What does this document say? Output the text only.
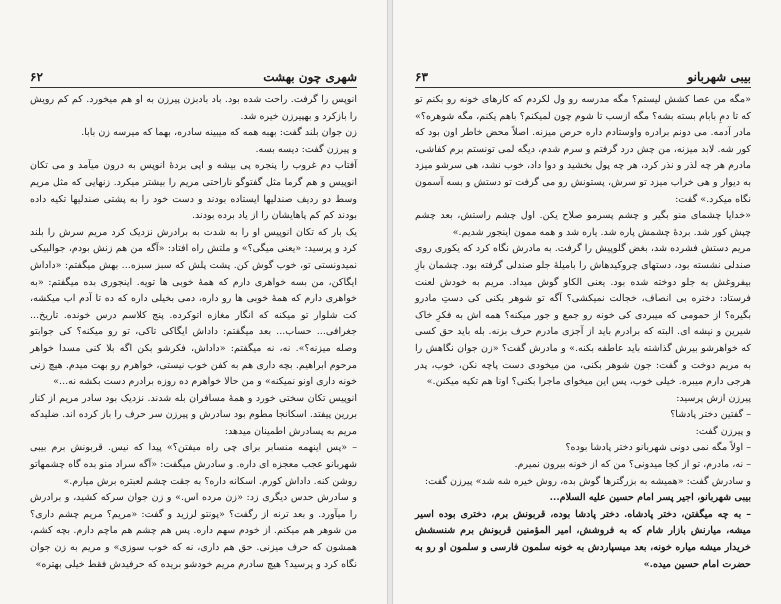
شهری چون بهشت
۶۲

انوپس را گرفت. راحت شده بود. باد بادبزن پیرزن به او هم میخورد. کم کم رویش را بازکرد و بهپیرزن خیره شد.

زن جوان بلند گفت: بهبه همه که میبینه سادره، بهما که میرسه زن بابا.

و پیرزن گفت: دیسه بسه.

آفتاب دم غروب را پنجره پی بیشه و اپی بردهٔ انوپس به درون میآمد و می تکان انوپیس و هم گرما مثل گفتوگو ناراحتی مریم را بیشتر میکرد. زنهایی که مثل مریم وسط دو ردیف صندلیها ایستاده بودند و دست خود را به پشتی صندلیها تکیه داده بودند کم کم پاهایشان را از یاد برده بودند.

یک بار که تکان انوپیس او را به شدت به برادرش نزدیک کرد مریم سرش را بلند کرد و پرسید: «یعنی میگی؟» و ملتش راه افتاد: «آگه من هم زنش بودم، جوالبیکی نمیدونستی تو، خوب گوش کن. پشت پلش که سبز سبزه... بهش میگفتم: «داداش ایگاکن، من بسه خواهری دارم که همهٔ خوبی ها تویه. اینجوری بده میگفتم: «به خواهری دارم که همهٔ خوبی ها رو داره، دمی بخیلی داره که ده تا آدم اب میکشه، کت شلوار تو میکنه که انگار مغازه اتوکرده. پنج کلاسم درس خونده. تاریخ... جغرافی... حساب... بعد میگفتم: داداش ایگاکی تاکی، تو رو میکنه؟ کی جوابتو وصله میزنه؟». نه، نه میگفتم: «داداش، فکرشو بکن اگه بلا کنی مسدا خواهر مرحوم ابراهیم. بچه داری هم به کفن خوب نیستی، خواهرم رو بهت میدم. هیچ زنی خونه داری اونو نمیکنه» و من حالا خواهرم ده روزه برادرم دست بکشه نه...»

انوپیس تکان سختی خورد و همهٔ مسافران بله شدند. نزدیک بود سادر مریم از کنار بررین پیفتد. اسکانجا مطوم بود سادرش و پیرزن سر حرف را باز کرده اند. ضلیدکه مریم به پسادرش اطمینان میدهد:

– «پس اینهمه منسابر برای چی راه میفتن؟» پیدا که نیس. قربونش برم بیبی شهربانو عجب معجزه ای داره. و سادرش میگفت: «آگه سراد منو بده گاه چشمهاتو روشن کنه. داداش کورم. اسکانه داره؟ به جقت چشم لعبتره برش میارم.»

و سادرش حدس دیگری زد: «زن مرده اس.» و زن جوان سرکه کشید، و برادرش را میآورد. و بعد ترنه از رگفت؟ «پونتو لرزید و گفت: «مریم؟ مریم چشم داری؟ من شوهر هم میکنم. از خودم سهم داره. پس هم چشم هم ماچم دارم. بچه کشم، همشون که حرف میزنی. حق هم داری، نه که خوب سوزی» و مریم به زن جوان نگاه کرد و پرسید؟ هیچ سادرم مریم خودشو بریده که حرفیدش فقط خیلی بهتره»

بیبی شهربانو
۶۳

«مگه من عصا کشش لیستم؟ مگه مدرسه رو ول لکردم که کارهای خونه رو بکنم تو که تا دمِ بابام بسته بشه؟ مگه ازسب تا شوم چون لمیکنم؟ باهم یکنم، مگه شوهره؟» مادر آدمه. می دونم برادره واوستادم داره حرص میزنه. اصلاً محض خاطر اون بود که کور شه. لابد میزنه، من چش درد گرفتم و سرم شدم، دیگه لمی تونستم برم کفاشی، مادرم هر چه لذر و نذر کرد، هر چه پول بخشید و دوا داد، خوب نشد، هی سرشو میزد به دیوار و هی خراب میزد تو سرش، پستونش رو می گرفت تو دستش و بسه آسمون نگاه میکرد.» گفت:

«خدایا چشمای منو بگیر و چشم پسرمو صلاح یکن. اول چشم راستش، بعد چشم چپش کور شد. بردهٔ چشمش پاره شد. یاره شد و همه ممون اینجور شدیم.»

مریم دستش فشرده شد، بغض گلوپیش را گرفت. به مادرش نگاه کرد که یکوری روی صندلی نشسته بود، دستهای چروکیدهاش را بامیلهٔ جلو صندلی گرفته بود. چشمان بازِ بیفروغش به جلو دوخته شده بود. یعنی الکاو گوش میداد. مریم به خودش لعنت فرستاد: دختره بی انصاف، خجالت نمیکشی؟ آگه تو شوهر بکنی کی دستِ مادرو بگیره؟ از حمومی که میبردی کی خونه رو جمع و جور میکنه؟ همه اش به فکرِ خاک شیرین و نیشه ای. البته که برادرم باید از آجزی مادرم حرف بزنه. بله باید حق کسی که خواهرشو بیرش گذاشته باید عاطفه بکنه.» و مادرش گفت؟ «زن جوان نگاهش را به مریم دوخت و گفت: جون شوهر بکنی، من میخودی دست پاچه نکن، خوب، پدر هرجی دارم میبره. خیلی خوب، پس این میخوای ماجرا بکنی؟ اونا هم تکیه میکنن.»

پیرزن ازش پرسید:

– گفتین دختر پادشا؟

و پیرزن گفت:

– اولاً مگه نمی دونی شهربانو دختر پادشا بوده؟

– نه، مادرم، تو از کجا میدونی؟ من که از خونه بیرون نمیرم.

و سادرش گفت: «همیشه به بزرگترها گوش بده، روش خیره شه شد» پیرزن گفت:

بیبی شهربانو، اجیر پسر امام حسین علیه السلام...

– به چه میگفتن، دختر پادشاه. دختر پادشا بوده، قربونش برم، دختری بوده اسیر میشه، میارنش بازار شام که به فروشش، امیر المؤمنین قربونش برم شنسشش خریدار میشه میاره خونه، بعد میسپاردش به خونه سلمون فارسی و سلمون او رو به حضرت امام حسین میده.»
